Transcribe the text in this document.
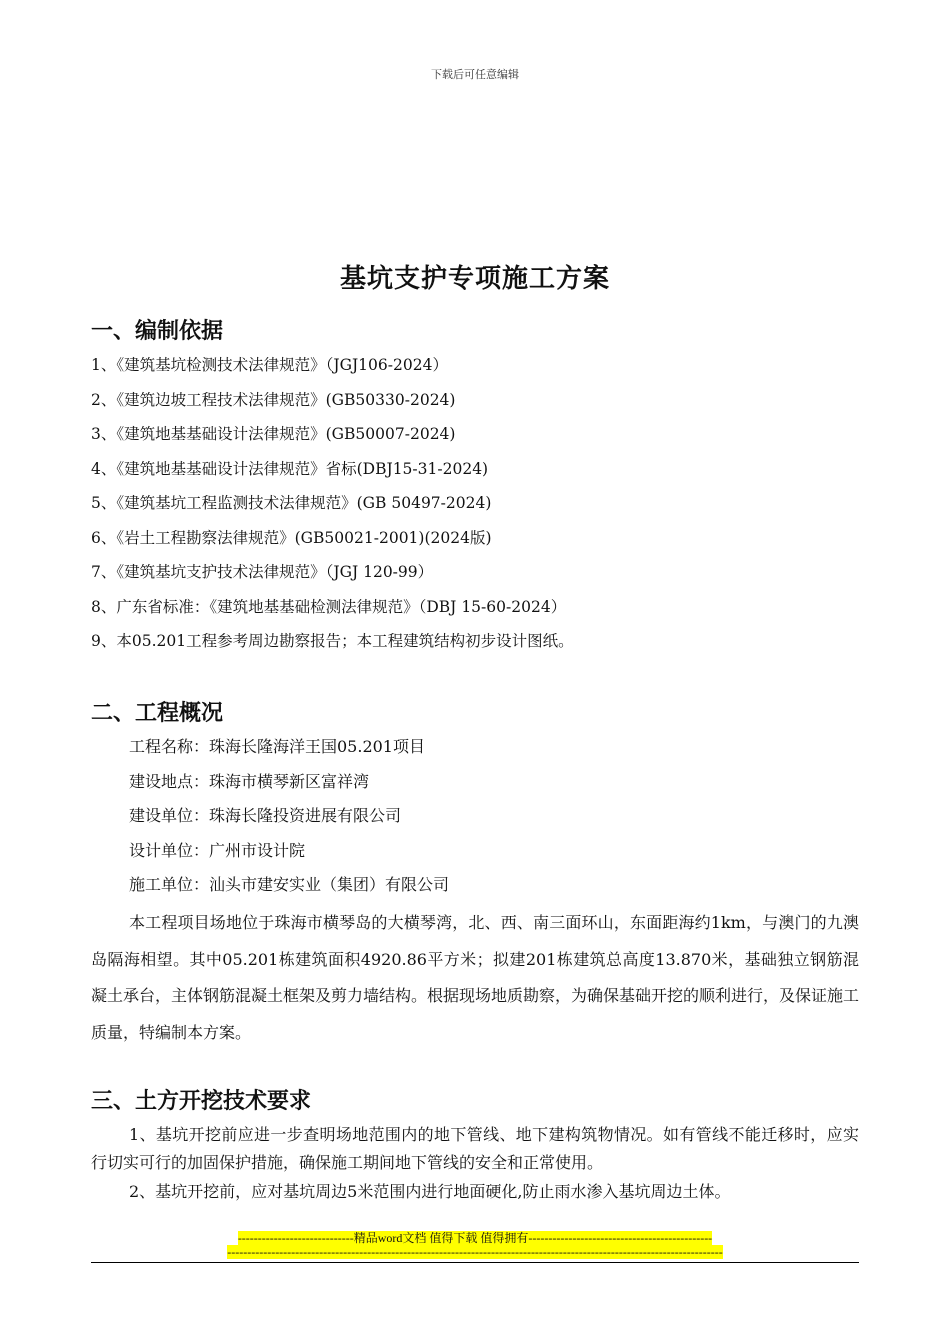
下载后可任意编辑
基坑支护专项施工方案
一、编制依据
1、《建筑基坑检测技术法律规范》（JGJ106-2024）
2、《建筑边坡工程技术法律规范》(GB50330-2024)
3、《建筑地基基础设计法律规范》(GB50007-2024)
4、《建筑地基基础设计法律规范》省标(DBJ15-31-2024)
5、《建筑基坑工程监测技术法律规范》(GB 50497-2024)
6、《岩土工程勘察法律规范》(GB50021-2001)(2024版)
7、《建筑基坑支护技术法律规范》（JGJ 120-99）
8、广东省标准：《建筑地基基础检测法律规范》（DBJ 15-60-2024）
9、本05.201工程参考周边勘察报告；本工程建筑结构初步设计图纸。
二、工程概况
工程名称：珠海长隆海洋王国05.201项目
建设地点：珠海市横琴新区富祥湾
建设单位：珠海长隆投资进展有限公司
设计单位：广州市设计院
施工单位：汕头市建安实业（集团）有限公司

本工程项目场地位于珠海市横琴岛的大横琴湾，北、西、南三面环山，东面距海约1km，与澳门的九澳岛隔海相望。其中05.201栋建筑面积4920.86平方米；拟建201栋建筑总高度13.870米，基础独立钢筋混凝土承台，主体钢筋混凝土框架及剪力墙结构。根据现场地质勘察，为确保基础开挖的顺利进行，及保证施工质量，特编制本方案。

三、土方开挖技术要求

1、基坑开挖前应进一步查明场地范围内的地下管线、地下建构筑物情况。如有管线不能迁移时，应实行切实可行的加固保护措施，确保施工期间地下管线的安全和正常使用。

2、基坑开挖前，应对基坑周边5米范围内进行地面硬化,防止雨水渗入基坑周边土体。

-----------------------------精品word文档 值得下载 值得拥有----------------------------------------------
----------------------------------------------------------------------------------------------------------------------------
